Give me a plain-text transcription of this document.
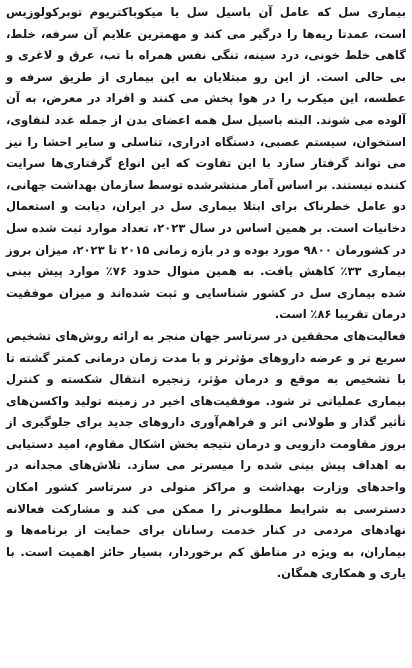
بیماری سل که عامل آن باسیل سل یا میکوباکتریوم توبرکولوزیس است، عمدتا ریه‌ها را درگیر می کند و مهمترین علایم آن سرفه، خلط، گاهی خلط خونی، درد سینه، تنگی نفس همراه با تب، عرق و لاغری و بی حالی است. از این رو مبتلایان به این بیماری از طریق سرفه و عطسه، این میکرب را در هوا پخش می کنند و افراد در معرض، به آن آلوده می شوند. البته باسیل سل همه اعضای بدن از جمله غدد لنفاوی، استخوان، سیستم عصبی، دستگاه ادراری، تناسلی و سایر احشا را نیز می تواند گرفتار سازد با این تفاوت که این انواع گرفتاری‌ها سرایت کننده نیستند. بر اساس آمار منتشرشده توسط سازمان بهداشت جهانی، دو عامل خطرناک برای ابتلا بیماری سل در ایران، دیابت و استعمال دخانیات است. بر همین اساس در سال ۲۰۲۳، تعداد موارد ثبت شده سل در کشورمان ۹۸۰۰ مورد بوده و در بازه زمانی ۲۰۱۵ تا ۲۰۲۳، میزان بروز بیماری ۳۳٪ کاهش یافت. به همین منوال حدود ۷۶٪ موارد پیش بینی شده بیماری سل در کشور شناسایی و ثبت شده‌اند و میزان موفقیت درمان تقریبا ۸۶٪ است.

فعالیت‌های محققین در سرتاسر جهان منجر به ارائه روش‌های تشخیص سریع تر و عرضه داروهای مؤثرتر و با مدت زمان درمانی کمتر گشته تا با تشخیص به موقع و درمان مؤثر، زنجیره انتقال شکسته و کنترل بیماری عملیاتی تر شود. موفقیت‌های اخیر در زمینه تولید واکسن‌های تأثیر گذار و طولانی اثر و فراهم‌آوری داروهای جدید برای جلوگیری از بروز مقاومت دارویی و درمان نتیجه بخش اشکال مقاوم، امید دستیابی به اهداف پیش بینی شده را میسرتر می سازد. تلاش‌های مجدانه در واحدهای وزارت بهداشت و مراکز متولی در سرتاسر کشور امکان دسترسی به شرایط مطلوب‌تر را ممکن می کند و مشارکت فعالانه نهادهای مردمی در کنار خدمت رسانان برای حمایت از برنامه‌ها و بیماران، به ویژه در مناطق کم برخوردار، بسیار حائز اهمیت است. با یاری و همکاری همگان.
